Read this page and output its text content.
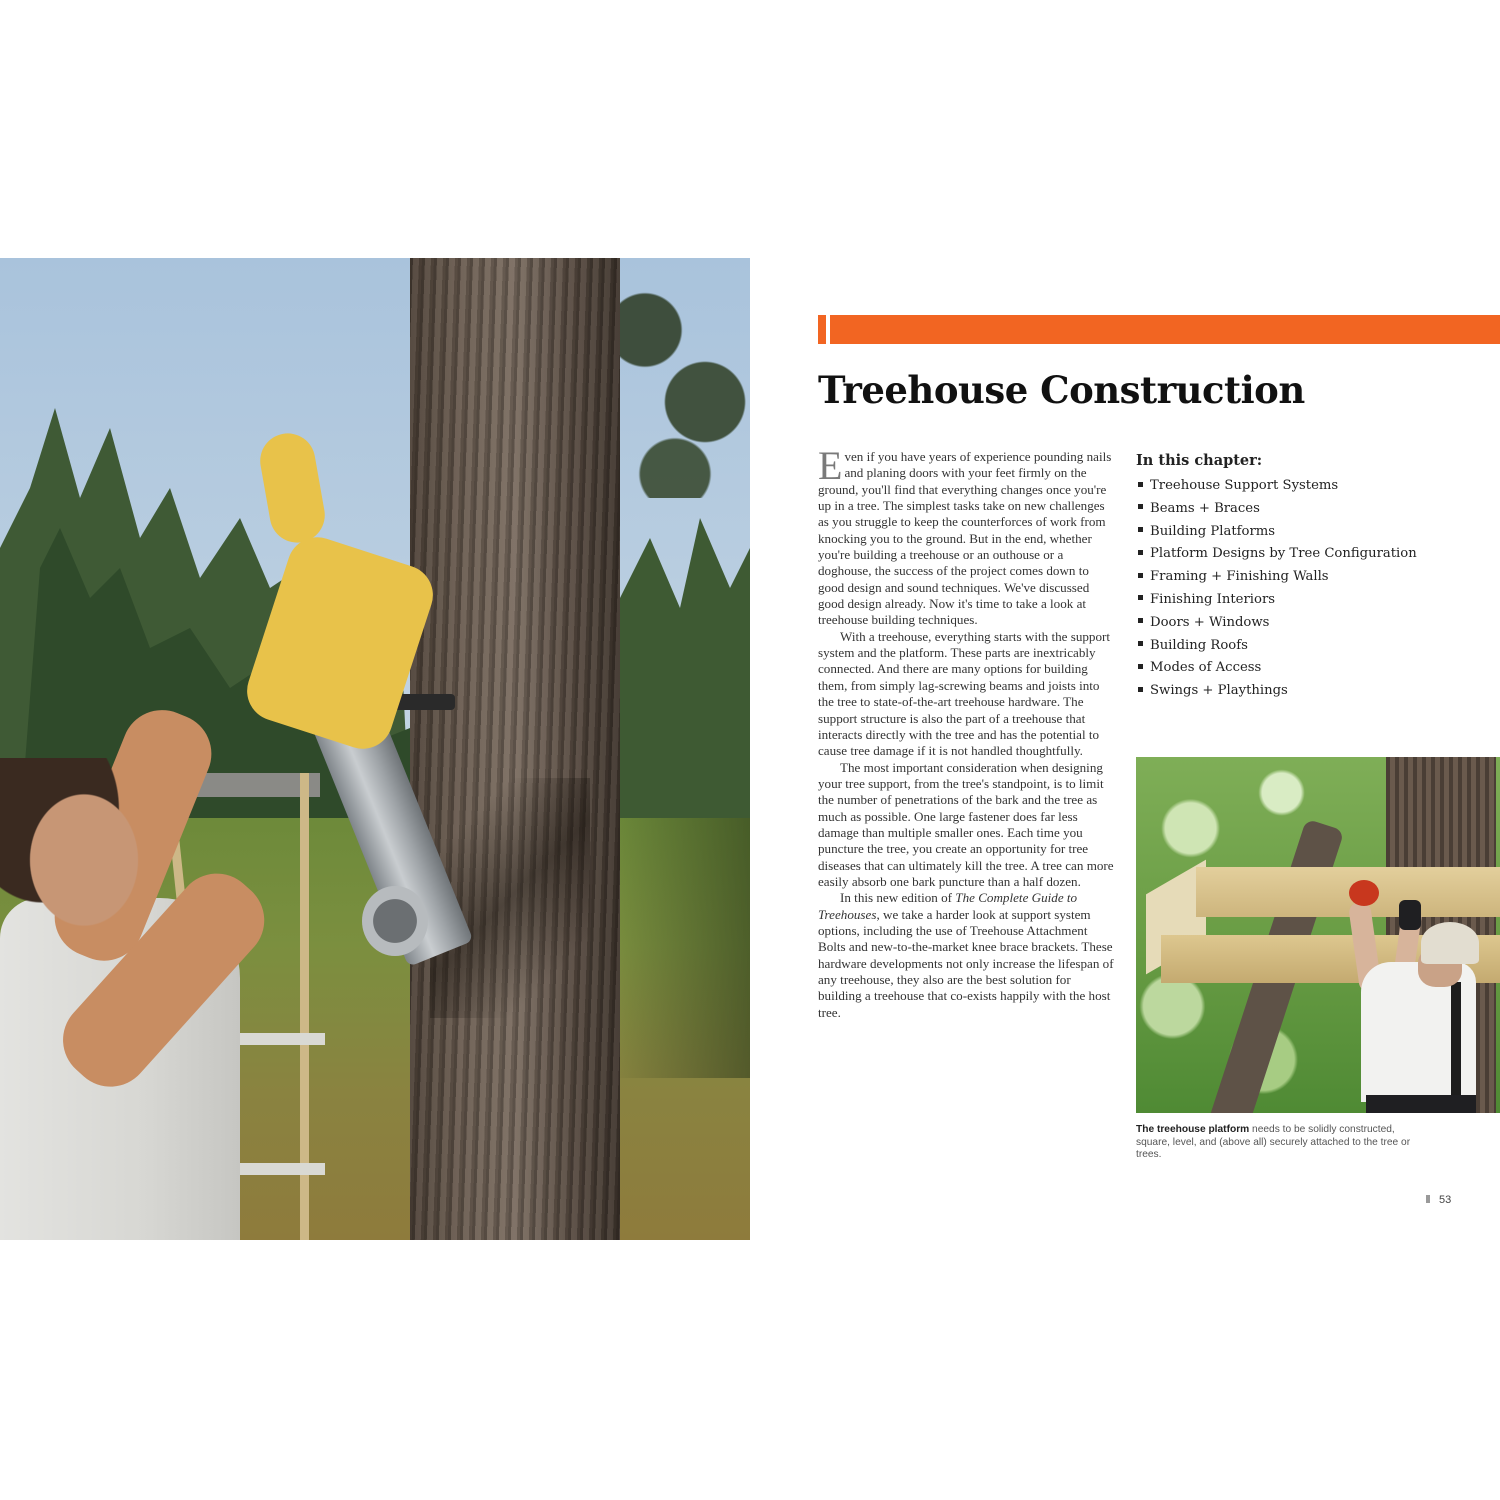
Treehouse Construction

Even if you have years of experience pounding nails and planing doors with your feet firmly on the ground, you'll find that everything changes once you're up in a tree. The simplest tasks take on new challenges as you struggle to keep the counterforces of work from knocking you to the ground. But in the end, whether you're building a treehouse or an outhouse or a doghouse, the success of the project comes down to good design and sound techniques. We've discussed good design already. Now it's time to take a look at treehouse building techniques.

With a treehouse, everything starts with the support system and the platform. These parts are inextricably connected. And there are many options for building them, from simply lag-screwing beams and joists into the tree to state-of-the-art treehouse hardware. The support structure is also the part of a treehouse that interacts directly with the tree and has the potential to cause tree damage if it is not handled thoughtfully.

The most important consideration when designing your tree support, from the tree's standpoint, is to limit the number of penetrations of the bark and the tree as much as possible. One large fastener does far less damage than multiple smaller ones. Each time you puncture the tree, you create an opportunity for tree diseases that can ultimately kill the tree. A tree can more easily absorb one bark puncture than a half dozen.

In this new edition of The Complete Guide to Treehouses, we take a harder look at support system options, including the use of Treehouse Attachment Bolts and new-to-the-market knee brace brackets. These hardware developments not only increase the lifespan of any treehouse, they also are the best solution for building a treehouse that co-exists happily with the host tree.

In this chapter:
Treehouse Support Systems
Beams + Braces
Building Platforms
Platform Designs by Tree Configuration
Framing + Finishing Walls
Finishing Interiors
Doors + Windows
Building Roofs
Modes of Access
Swings + Playthings
The treehouse platform needs to be solidly constructed, square, level, and (above all) securely attached to the tree or trees.
53
